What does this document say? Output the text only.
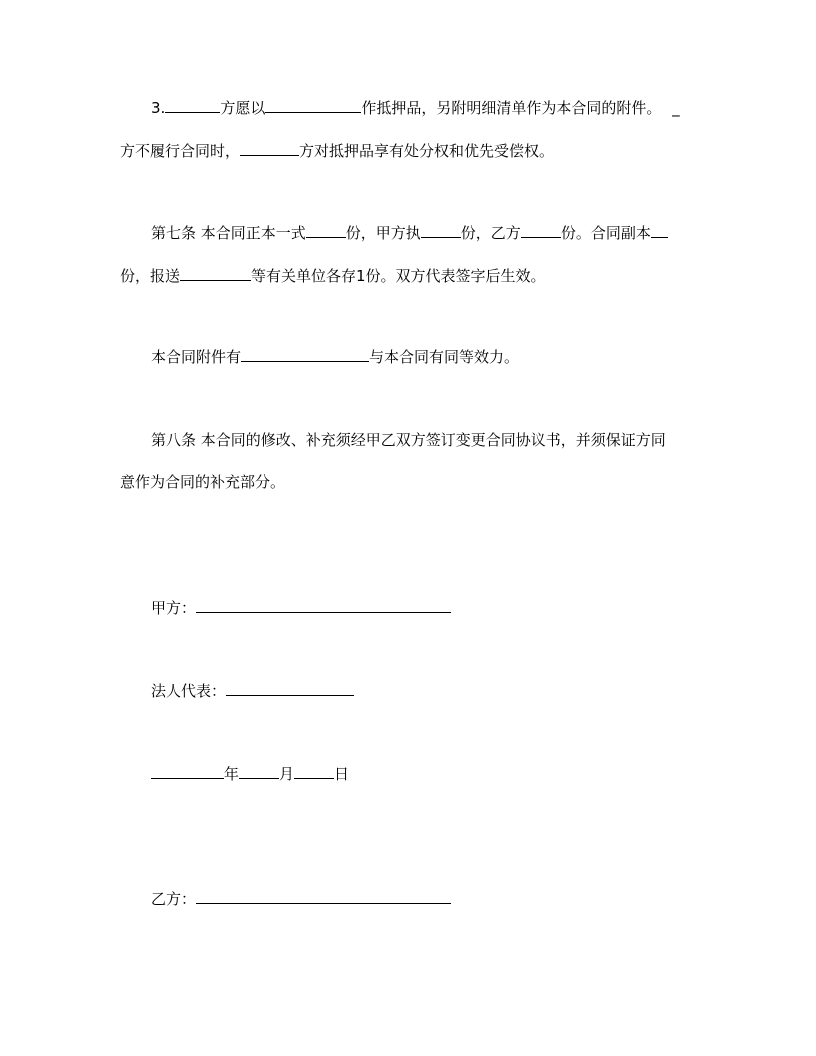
3.	方愿以	作抵押品，另附明细清单作为本合同的附件。 _
方不履行合同时，	方对抵押品享有处分权和优先受偿权。
第七条 本合同正本一式	份，甲方执	份，乙方	份。合同副本
份，报送	等有关单位各存1份。双方代表签字后生效。
本合同附件有	与本合同有同等效力。
第八条 本合同的修改、补充须经甲乙双方签订变更合同协议书，并须保证方同
意作为合同的补充部分。
甲方：
法人代表：
年	月	日
乙方：
